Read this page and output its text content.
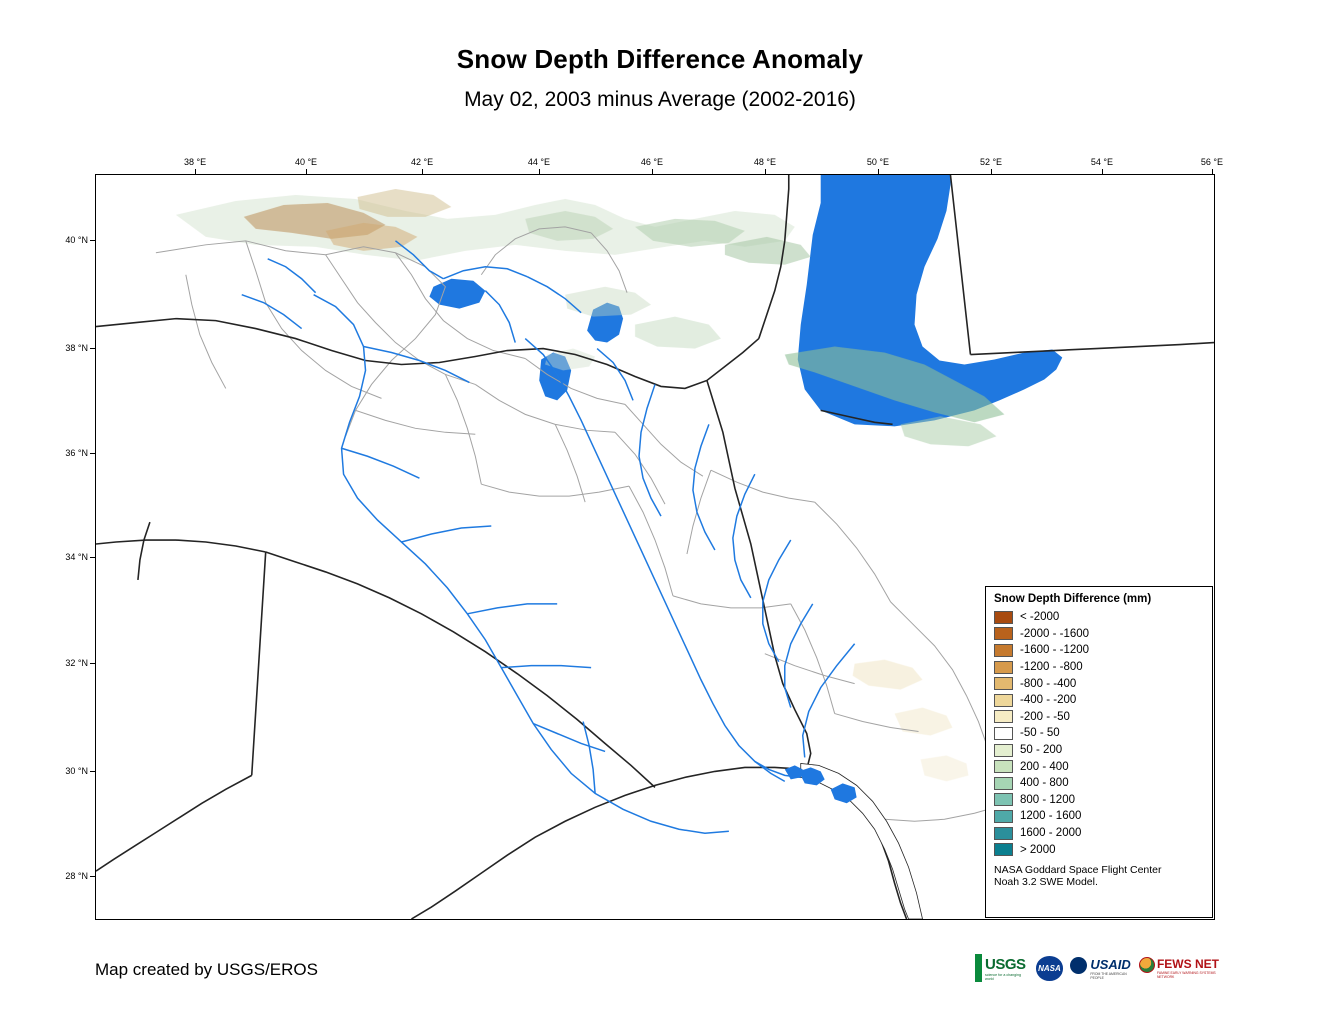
Snow Depth Difference Anomaly
May 02, 2003 minus Average (2002-2016)
38 °E	40 °E	42 °E	44 °E	46 °E	48 °E	50 °E	52 °E	54 °E	56 °E
40 °N
38 °N
36 °N
34 °N
32 °N
30 °N
28 °N
Snow Depth Difference (mm)
< -2000
-2000 - -1600
-1600 - -1200
-1200 - -800
-800 - -400
-400 - -200
-200 - -50
-50 - 50
50 - 200
200 - 400
400 - 800
800 - 1200
1200 - 1600
1600 - 2000
> 2000
NASA Goddard Space Flight Center
Noah 3.2 SWE Model.
Map created by USGS/EROS	USGS
science for a changing world
NASA USAID
FROM THE AMERICAN PEOPLE
FEWS NET
FAMINE EARLY WARNING SYSTEMS NETWORK
